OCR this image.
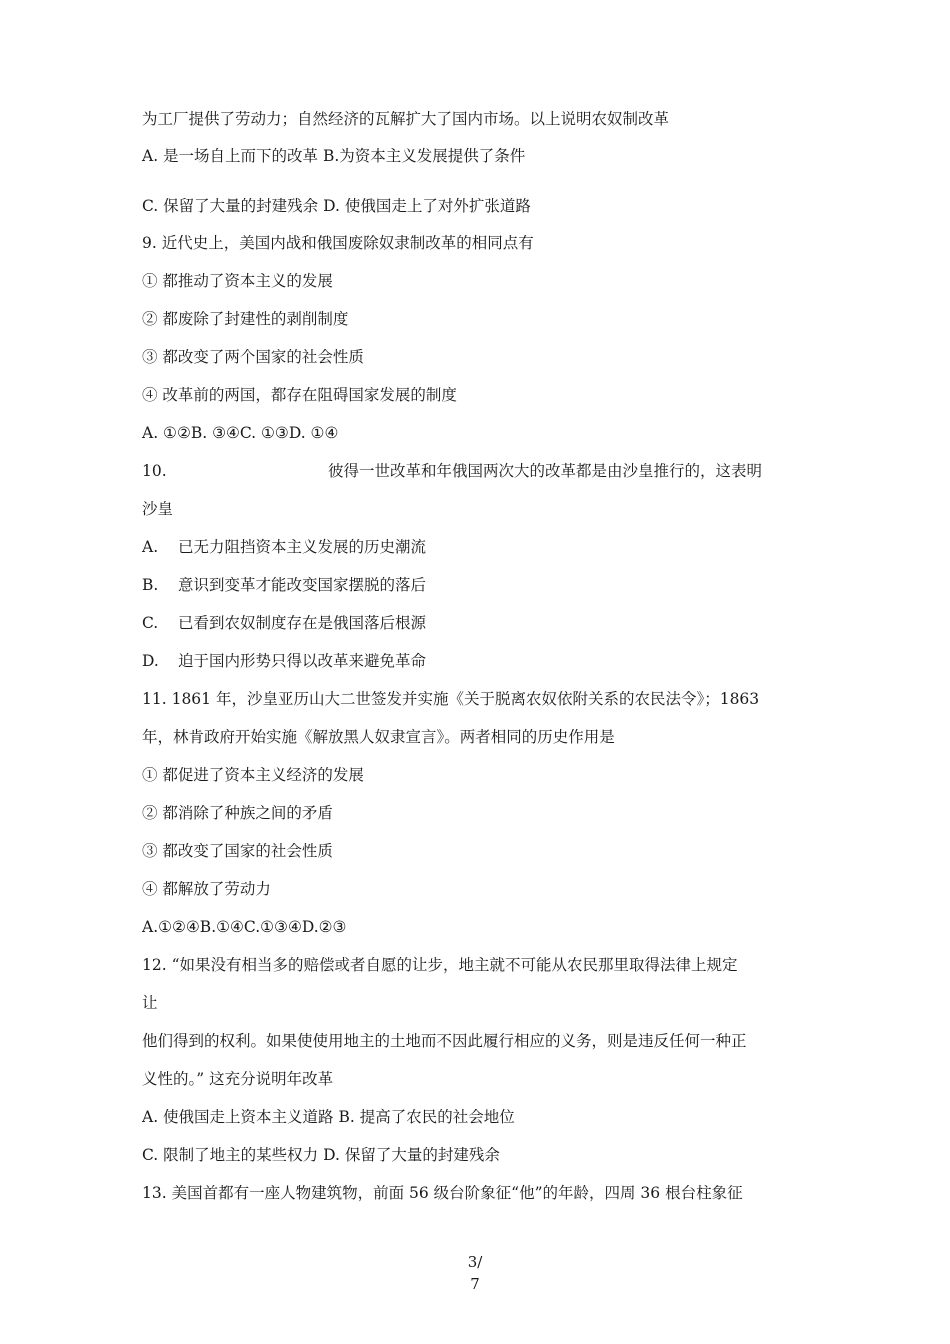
为工厂提供了劳动力；自然经济的瓦解扩大了国内市场。以上说明农奴制改革
A. 是一场自上而下的改革 B.为资本主义发展提供了条件
C. 保留了大量的封建残余 D. 使俄国走上了对外扩张道路
9. 近代史上，美国内战和俄国废除奴隶制改革的相同点有
① 都推动了资本主义的发展
② 都废除了封建性的剥削制度
③ 都改变了两个国家的社会性质
④ 改革前的两国，都存在阻碍国家发展的制度
A. ①②B. ③④C. ①③D. ①④
10.	彼得一世改革和年俄国两次大的改革都是由沙皇推行的，这表明
沙皇
A. 已无力阻挡资本主义发展的历史潮流
B. 意识到变革才能改变国家摆脱的落后
C. 已看到农奴制度存在是俄国落后根源
D. 迫于国内形势只得以改革来避免革命
11. 1861 年，沙皇亚历山大二世签发并实施《关于脱离农奴依附关系的农民法令》；1863
年，林肯政府开始实施《解放黑人奴隶宣言》。两者相同的历史作用是
① 都促进了资本主义经济的发展
② 都消除了种族之间的矛盾
③ 都改变了国家的社会性质
④ 都解放了劳动力
A.①②④B.①④C.①③④D.②③
12. “如果没有相当多的赔偿或者自愿的让步，地主就不可能从农民那里取得法律上规定
让
他们得到的权利。如果使使用地主的土地而不因此履行相应的义务，则是违反任何一种正
义性的。” 这充分说明年改革
A. 使俄国走上资本主义道路 B. 提高了农民的社会地位
C. 限制了地主的某些权力 D. 保留了大量的封建残余
13. 美国首都有一座人物建筑物，前面 56 级台阶象征“他”的年龄，四周 36 根台柱象征
3/
7
